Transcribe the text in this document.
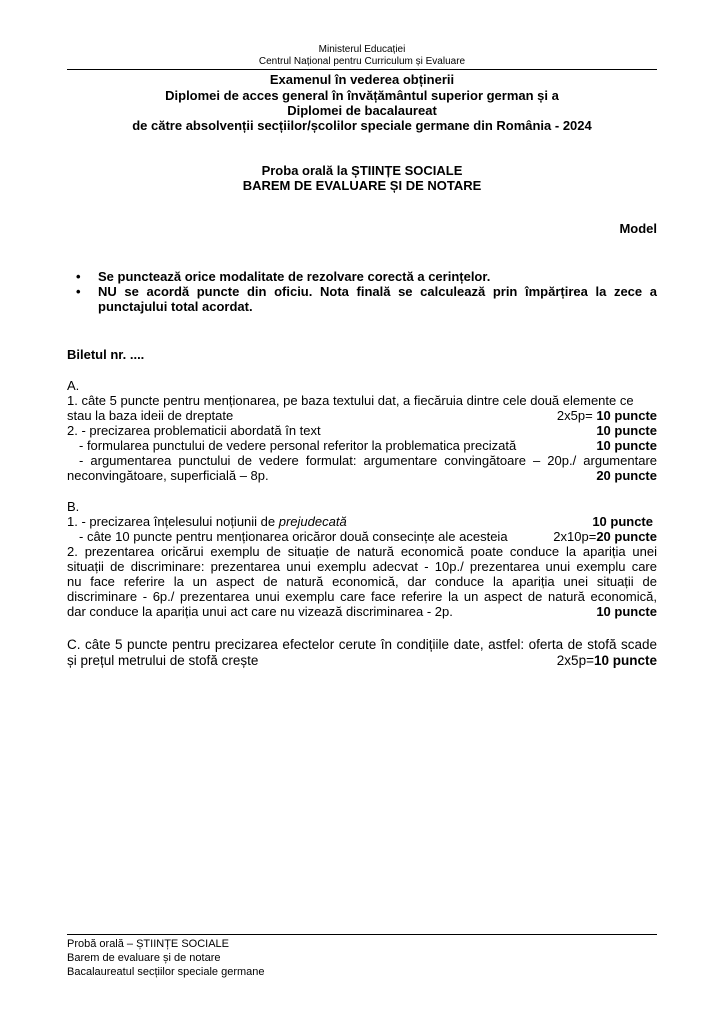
Ministerul Educației
Centrul Național pentru Curriculum și Evaluare
Examenul în vederea obținerii
Diplomei de acces general în învățământul superior german și a
Diplomei de bacalaureat
de către absolvenții secțiilor/școlilor speciale germane din România - 2024
Proba orală la ȘTIINȚE SOCIALE
BAREM DE EVALUARE ȘI DE NOTARE
Model
• Se punctează orice modalitate de rezolvare corectă a cerințelor.
• NU se acordă puncte din oficiu. Nota finală se calculează prin împărțirea la zece a
punctajului total acordat.
Biletul nr. ....
A.
1. câte 5 puncte pentru menționarea, pe baza textului dat, a fiecăruia dintre cele două elemente ce
stau la baza ideii de dreptate	2x5p= 10 puncte
2. - precizarea problematicii abordată în text	10 puncte
- formularea punctului de vedere personal referitor la problematica precizată	10 puncte
- argumentarea punctului de vedere formulat: argumentare convingătoare – 20p./ argumentare
neconvingătoare, superficială – 8p.	20 puncte
B.
1. - precizarea înțelesului noțiunii de prejudecată	10 puncte
- câte 10 puncte pentru menționarea oricăror două consecințe ale acesteia	2x10p=20 puncte
2. prezentarea oricărui exemplu de situație de natură economică poate conduce la apariția unei
situații de discriminare: prezentarea unui exemplu adecvat - 10p./ prezentarea unui exemplu care
nu face referire la un aspect de natură economică, dar conduce la apariția unei situații de
discriminare - 6p./ prezentarea unui exemplu care face referire la un aspect de natură economică,
dar conduce la apariția unui act care nu vizează discriminarea - 2p.	10 puncte
C. câte 5 puncte pentru precizarea efectelor cerute în condițiile date, astfel: oferta de stofă scade
și prețul metrului de stofă crește	2x5p=10 puncte
Probă orală – ȘTIINȚE SOCIALE
Barem de evaluare și de notare
Bacalaureatul secțiilor speciale germane
